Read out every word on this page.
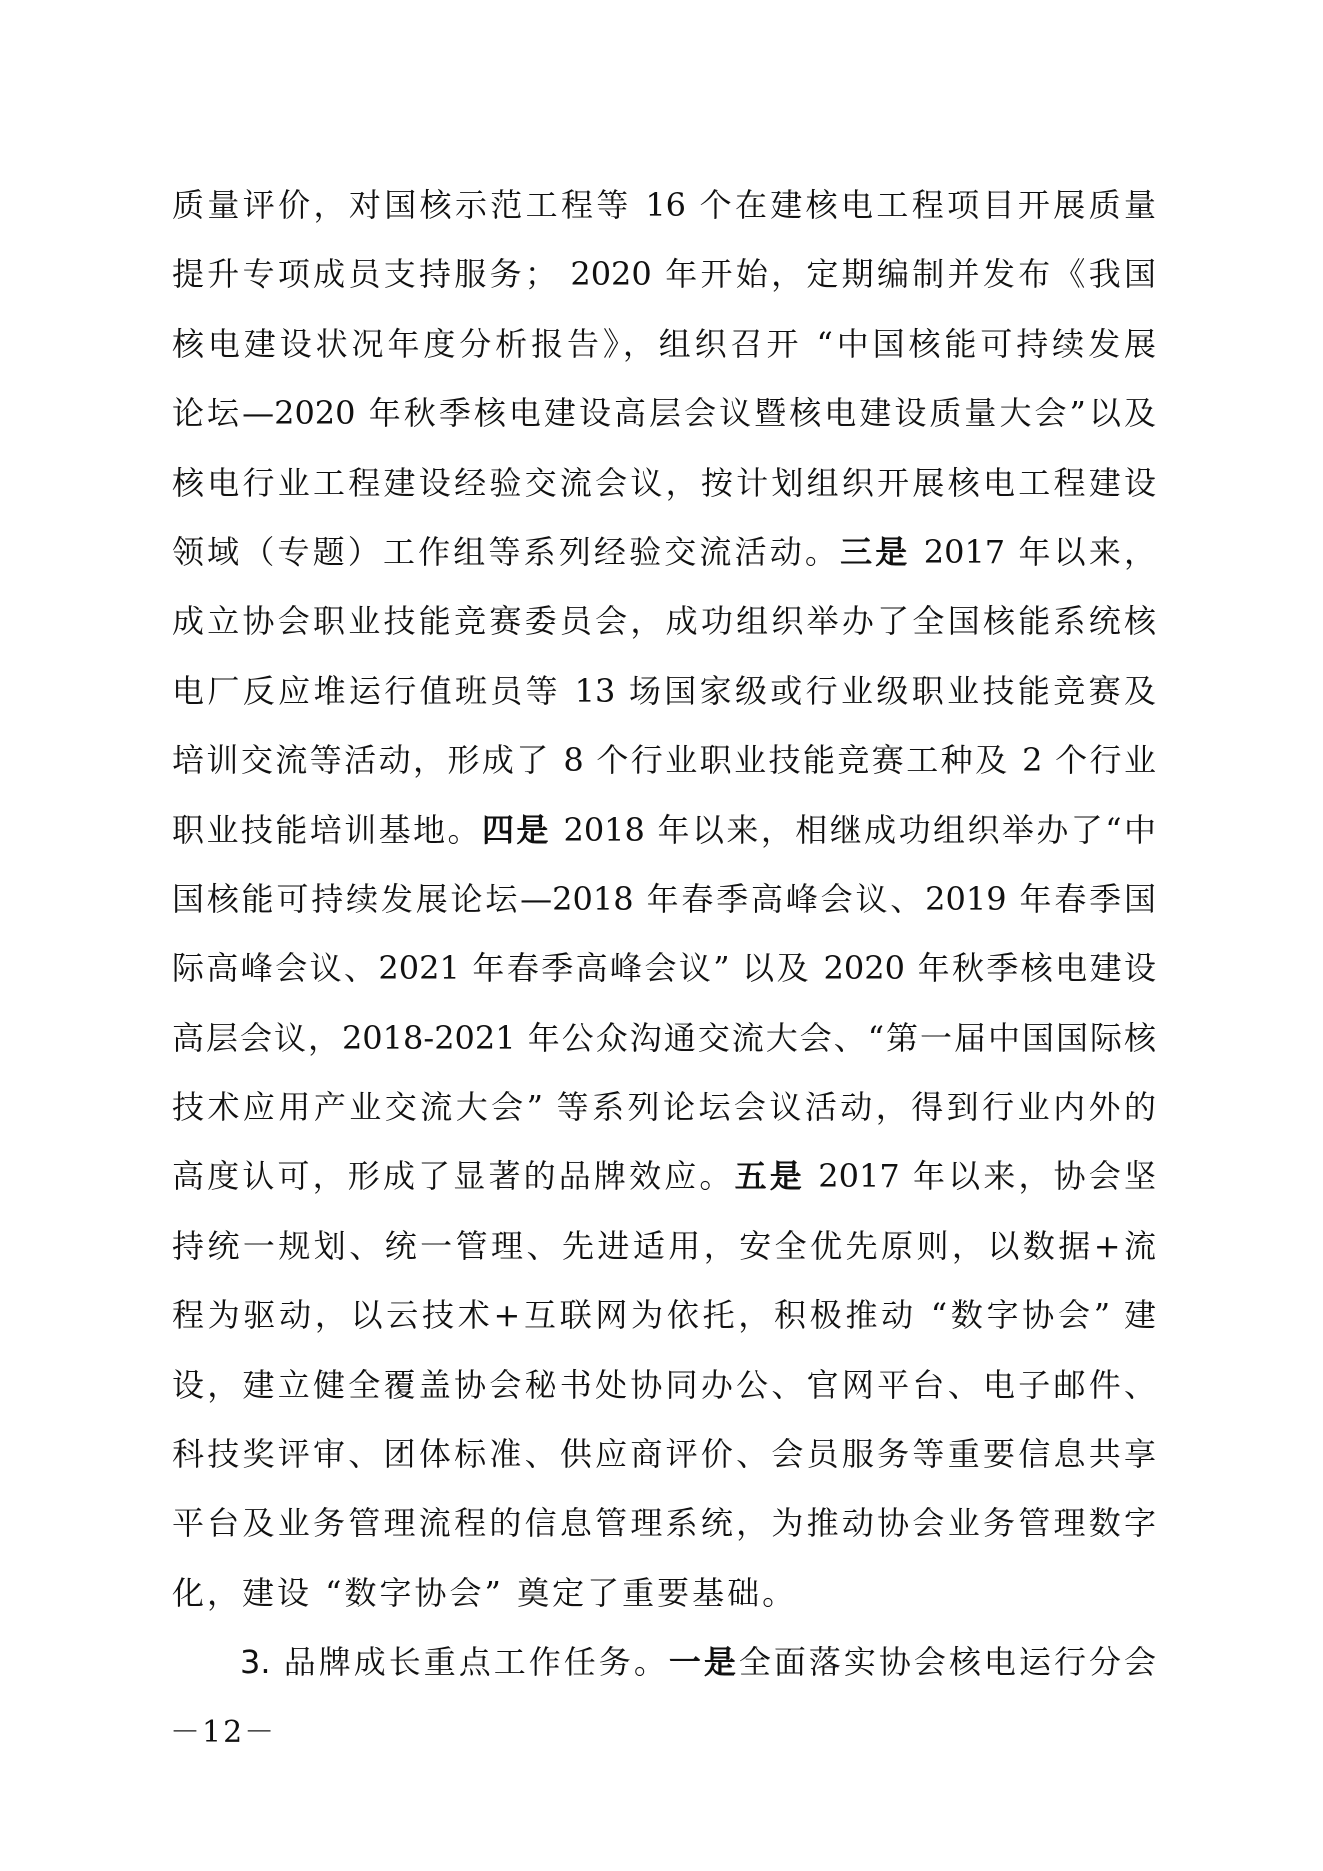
质量评价，对国核示范工程等 16 个在建核电工程项目开展质量
提升专项成员支持服务； 2020 年开始，定期编制并发布《我国
核电建设状况年度分析报告》，组织召开 “中国核能可持续发展
论坛—2020 年秋季核电建设高层会议暨核电建设质量大会”以及
核电行业工程建设经验交流会议，按计划组织开展核电工程建设
领域（专题）工作组等系列经验交流活动。三是 2017 年以来，
成立协会职业技能竞赛委员会，成功组织举办了全国核能系统核
电厂反应堆运行值班员等 13 场国家级或行业级职业技能竞赛及
培训交流等活动，形成了 8 个行业职业技能竞赛工种及 2 个行业
职业技能培训基地。四是 2018 年以来，相继成功组织举办了“中
国核能可持续发展论坛—2018 年春季高峰会议、2019 年春季国
际高峰会议、2021 年春季高峰会议” 以及 2020 年秋季核电建设
高层会议，2018-2021 年公众沟通交流大会、“第一届中国国际核
技术应用产业交流大会” 等系列论坛会议活动，得到行业内外的
高度认可，形成了显著的品牌效应。五是 2017 年以来，协会坚
持统一规划、统一管理、先进适用，安全优先原则，以数据+流
程为驱动，以云技术+互联网为依托，积极推动 “数字协会” 建
设，建立健全覆盖协会秘书处协同办公、官网平台、电子邮件、
科技奖评审、团体标准、供应商评价、会员服务等重要信息共享
平台及业务管理流程的信息管理系统，为推动协会业务管理数字
化，建设 “数字协会” 奠定了重要基础。
3. 品牌成长重点工作任务。一是全面落实协会核电运行分会
－12－
